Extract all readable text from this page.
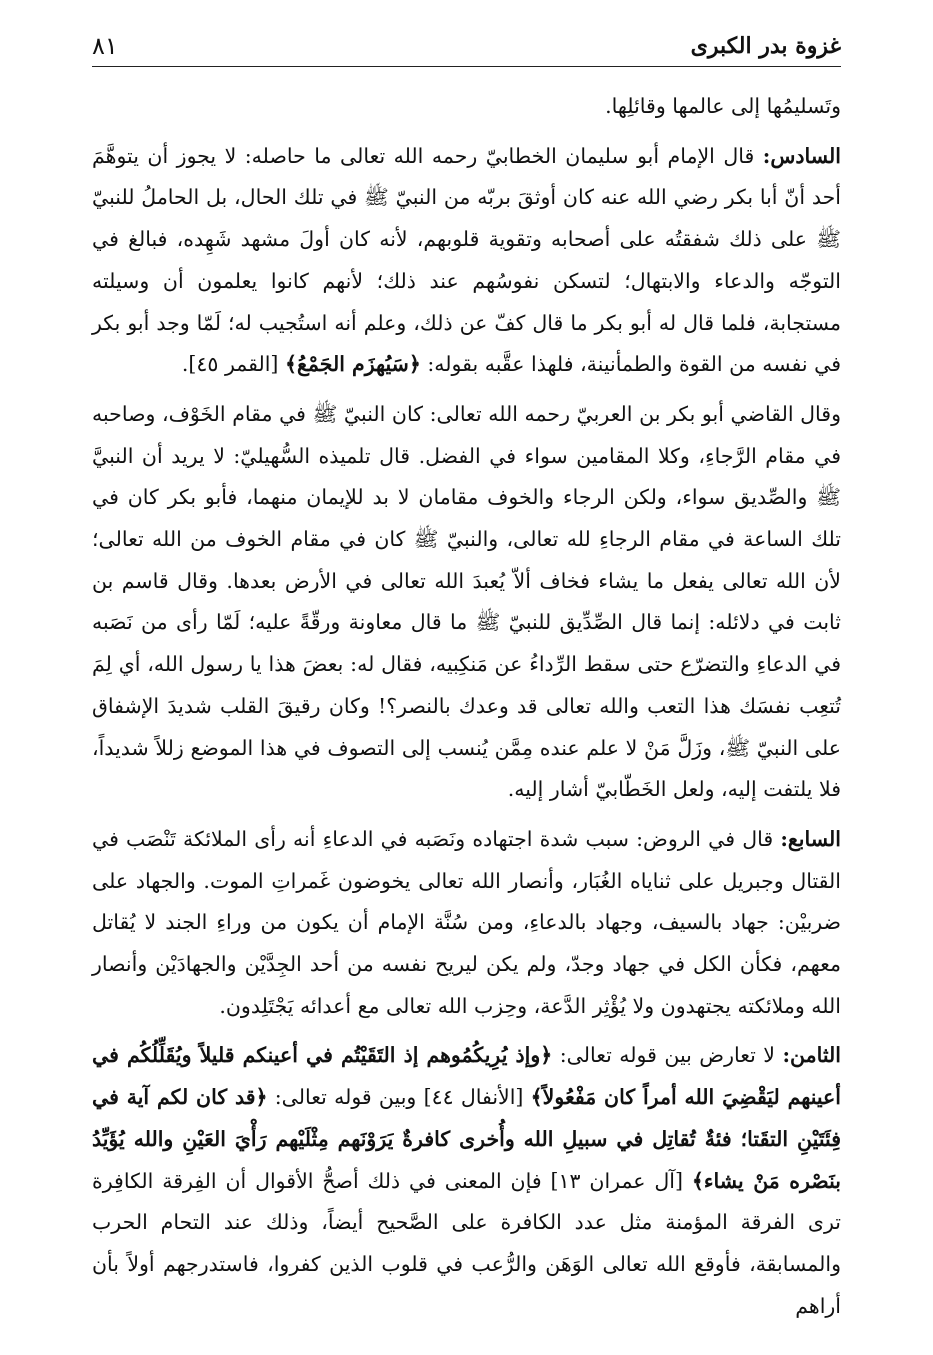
٨١	غزوة بدر الكبرى

وتَسليمُها إلى عالمها وقائلِها.

السادس: قال الإمام أبو سليمان الخطابيّ رحمه الله تعالى ما حاصله: لا يجوز أن يتوهَّمَ أحد أنّ أبا بكر رضي الله عنه كان أوثقَ بربّه من النبيّ ﷺ في تلك الحال، بل الحاملُ للنبيّ ﷺ على ذلك شفقتُه على أصحابه وتقوية قلوبهم، لأنه كان أولَ مشهد شَهِده، فبالغ في التوجّه والدعاء والابتهال؛ لتسكن نفوسُهم عند ذلك؛ لأنهم كانوا يعلمون أن وسيلته مستجابة، فلما قال له أبو بكر ما قال كفّ عن ذلك، وعلم أنه استُجيب له؛ لَمّا وجد أبو بكر في نفسه من القوة والطمأنينة، فلهذا عقَّبه بقوله: ﴿سَيُهزَم الجَمْعُ﴾ [القمر ٤٥].

وقال القاضي أبو بكر بن العربيّ رحمه الله تعالى: كان النبيّ ﷺ في مقام الخَوْف، وصاحبه في مقام الرَّجاءِ، وكلا المقامين سواء في الفضل. قال تلميذه السُّهيليّ: لا يريد أن النبيَّ ﷺ والصِّديق سواء، ولكن الرجاء والخوف مقامان لا بد للإيمان منهما، فأبو بكر كان في تلك الساعة في مقام الرجاءِ لله تعالى، والنبيّ ﷺ كان في مقام الخوف من الله تعالى؛ لأن الله تعالى يفعل ما يشاء فخاف ألاّ يُعبدَ الله تعالى في الأرض بعدها. وقال قاسم بن ثابت في دلائله: إنما قال الصِّدِّيق للنبيّ ﷺ ما قال معاونة ورقّةً عليه؛ لَمّا رأى من نَصَبه في الدعاءِ والتضرّع حتى سقط الرِّداءُ عن مَنكِبيه، فقال له: بعضَ هذا يا رسول الله، أي لِمَ تُتعِب نفسَك هذا التعب والله تعالى قد وعدك بالنصر؟! وكان رقيقَ القلب شديدَ الإشفاق على النبيّ ﷺ، وزَلَّ مَنْ لا علم عنده مِمَّن يُنسب إلى التصوف في هذا الموضع زللاً شديداً، فلا يلتفت إليه، ولعل الخَطّابيّ أشار إليه.

السابع: قال في الروض: سبب شدة اجتهاده ونَصَبه في الدعاءِ أنه رأى الملائكة تَنْصَب في القتال وجبريل على ثناياه الغُبَار، وأنصار الله تعالى يخوضون غَمراتِ الموت. والجهاد على ضربيْن: جهاد بالسيف، وجهاد بالدعاءِ، ومن سُنَّة الإمام أن يكون من وراءِ الجند لا يُقاتل معهم، فكأن الكل في جهاد وجدّ، ولم يكن ليريح نفسه من أحد الجِدَّيْن والجهادَيْن وأنصار الله وملائكته يجتهدون ولا يُؤْثِر الدَّعة، وحِزب الله تعالى مع أعدائه يَجْتَلِدون.

الثامن: لا تعارض بين قوله تعالى: ﴿وإذ يُرِيكُمُوهم إذ التَقَيْتُم في أعينكم قليلاً ويُقَلِّلُكُم في أعينهم ليَقْضِيَ الله أمراً كان مَفْعُولاً﴾ [الأنفال ٤٤] وبين قوله تعالى: ﴿قد كان لكم آية في فِئَتَيْنِ التقَتا؛ فئةٌ تُقاتِل في سبيلِ الله وأُخرى كافرةٌ يَرَوْنَهم مِثْلَيْهم رَأْيَ العَيْنِ والله يُؤَيِّدُ بنَصْره مَنْ يشاء﴾ [آل عمران ١٣] فإن المعنى في ذلك أصحُّ الأقوال أن الفِرقة الكافِرة ترى الفرقة المؤمنة مثل عدد الكافرة على الصَّحيح أيضاً، وذلك عند التحام الحرب والمسابقة، فأوقع الله تعالى الوَهَن والرُّعب في قلوب الذين كفروا، فاستدرجهم أولاً بأن أراهم
